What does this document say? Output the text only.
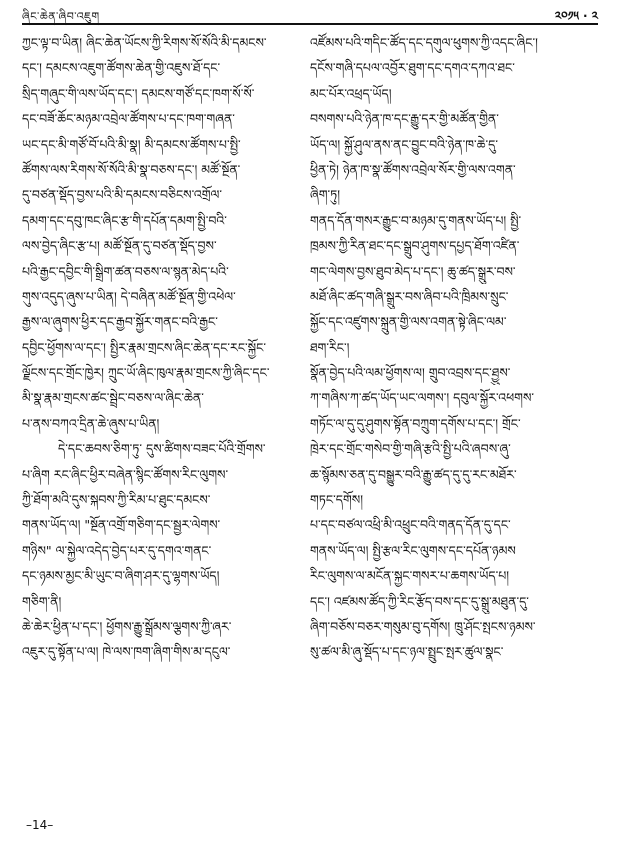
ཞིང་ཆེན་ཞིབ་འཇུག	༢༠༡༥ · ༢
ཀྱང་ལྟ་བ་ཡིན། ཞིང་ཆེན་ཡོངས་ཀྱི་རིགས་སོ་སོའི་མི་དམངས་
དང་། དམངས་འཇུག་ཚོགས་ཆེན་གྱི་འཇུས་ཐོ་དང་
སྲིད་གཞུང་གི་ལས་ཡོད་དང་། དམངས་གཙོ་དང་ཁག་སོ་སོ་
དང་བཟོ་ཆོང་མཉམ་འབྲེལ་ཚོགས་པ་དང་ཁག་གཞན་
ཡང་དང་མི་གཙོ་བོ་པའི་མི་སྣ། མི་དམངས་ཚོགས་པ་སྤྱི་
ཚོགས་ལས་རིགས་སོ་སོའི་མི་སྣ་བཅས་དང་། མཚོ་སྔོན་
དུ་བཙན་སྡོད་བྱས་པའི་མི་དམངས་བཅིངས་འགྲོལ་
དམག་དང་དབུ་ཁང་ཞིང་རྩ་གི་དཔོན་དམག་སྤྱི་བའི་
ལས་བྱེད་ཞིང་རྩ་པ། མཚོ་སྔོན་དུ་བཙན་སྡོད་བྱས་
པའི་རྒྱང་དབྱིང་གི་སྒྲིག་ཚན་བཅས་ལ་སྙན་མེད་པའི་
གུས་འདུད་ཞུས་པ་ཡིན། དེ་བཞིན་མཚོ་སྔོན་གྱི་འཕེལ་
རྒྱས་ལ་ཞུགས་ཕྱིར་དང་རྒྱབ་སྐྱོར་གནང་བའི་རྒྱང་
དབྱིང་ཕྱོགས་ལ་དང་། སྤྱིར་རྣམ་གྲངས་ཞིང་ཆེན་དང་རང་སྐྱོང་
ལྗོངས་དང་གྲོང་ཁྱེར། ཀྲུང་ཡོ་ཞིང་ཁུལ་རྣམ་གྲངས་ཀྱི་ཞིང་དང་
མི་སྣ་རྣམ་གྲངས་ཚང་སྦྲེང་བཅས་ལ་ཞིང་ཆེན་
པ་ནས་བཀའ་དྲིན་ཆེ་ཞུས་པ་ཡིན།
དེ་དང་ཆབས་ཅིག་ཏུ་ དུས་ཚིགས་བཟང་པོའི་གྲོགས་
པ་ཞིག རང་ཞིང་ཕྱིར་བཞེན་སྙིང་ཚོགས་རིང་ལུགས་
ཀྱི་ཐོག་མའི་དུས་སྐབས་ཀྱི་རིམ་པ་ཐུང་དམངས་
གནས་ཡོད་ལ། "སྔོན་འགྲོ་གཅིག་དང་སྦྱར་ལེགས་
གཉིས" ལ་སྐྱེལ་འདེད་བྱེད་པར་དུ་དགའ་གནང་
དང་ཉམས་མྱང་མི་ཡུང་བ་ཞིག་ཤར་དུ་ལྷགས་ཡོད།
གཅིག་ནི།
ཆེ་ཆེར་ཕྱིན་པ་དང་། ཕྱོགས་རྒྱུ་སྒྲོམས་ལྕགས་ཀྱི་ཞར་
འཇུར་དུ་སྟོན་པ་ལ། ཁེ་ལས་ཁག་ཞིག་གིས་མ་དངུལ་
འཛོམས་པའི་གདིང་ཚོད་དང་དགུལ་ཕུགས་ཀྱི་འདང་ཞིང་།
དངོས་གཞི་དཔལ་འབྱོར་ཐུག་དང་དགའ་དཀའ་ཐང་
མང་པོར་འཕྲད་ཡོད།
བསགས་པའི་ཉེན་ཁ་དང་རྒྱུ་དར་གྱི་མཚོན་གྱིན་
ཡོད་ལ། སྐྱོ་ཤུལ་ནས་ནང་བྱུང་བའི་ཉེན་ཁ་ཆེ་དུ་
ཕྱིན་ཏེ། ཉེན་ཁ་སྣ་ཚོགས་འབྲེལ་སོར་གྱི་ལས་འགན་
ཞིག་ཏུ།
གནད་དོན་གསར་རྒྱུང་བ་མཉམ་དུ་གནས་ཡོད་པ། སྤྱི་
ཁྲམས་ཀྱི་རིན་ཐང་དང་སྒྲུབ་ཤུགས་དཔྱད་ཐོག་འཛིན་
གང་ལེགས་བྱས་ཐུབ་མེད་པ་དང་། ཆུ་ཚད་སྒྲུར་བས་
མཐོ་ཞིང་ཚད་གཞི་སྒྲུར་བས་ཞིབ་པའི་ཁྲིམས་སྲུང་
སྐྱོང་དང་འཛུགས་སྐྲུན་གྱི་ལས་འགན་སྟེ་ཞིང་ལམ་
ཐག་རིང་།
སྣོན་བྱེད་པའི་ལམ་ཕྱོགས་ལ། གྲུབ་འབྲས་དང་ཐྱུས་
ཀ་གཞིས་ཀ་ཚད་ཡོད་ཡང་ལགས་། དབུལ་སྐྱོར་འཕགས་
གཏོང་ལ་དུ་དུ་ཤུགས་སྟོན་བཀྲུག་དགོས་པ་དང་། གྲོང་
ཁྲེར་དང་གྲོང་གསེབ་གྱི་གཞི་རྩའི་སྤྱི་པའི་ཞབས་ཞུ་
ཆ་སྙོམས་ཅན་དུ་བསྒྱུར་བའི་རྒྱུ་ཚད་དུ་དུ་རང་མཐོར་
གཏང་དགོས།
པ་དང་བཙལ་འཕྲི་མི་འཕྲུང་བའི་གནད་དོན་དུ་དང་
གནས་ཡོད་ལ། སྤྱི་རྩལ་རིང་ལུགས་དང་དཔོན་ཉམས
རིང་ལུགས་ལ་མངོན་སྐྱང་གསར་པ་ཆགས་ཡོད་པ།
དང་། འཛམས་ཚོད་ཀྱི་རིང་རྩོད་བས་དང་དུ་སྒྲུ་མཐུན་དུ་
ཞིག་བཅོས་བཅར་གསུམ་བུ་དགོས། ཁྲུ་ཤོང་སྤངས་ཉམས་
སུ་ཚལ་མི་ཞུ་སྡོད་པ་དང་ཉལ་སྤྲུང་སྤར་ཚུལ་སྣང་
–14–
